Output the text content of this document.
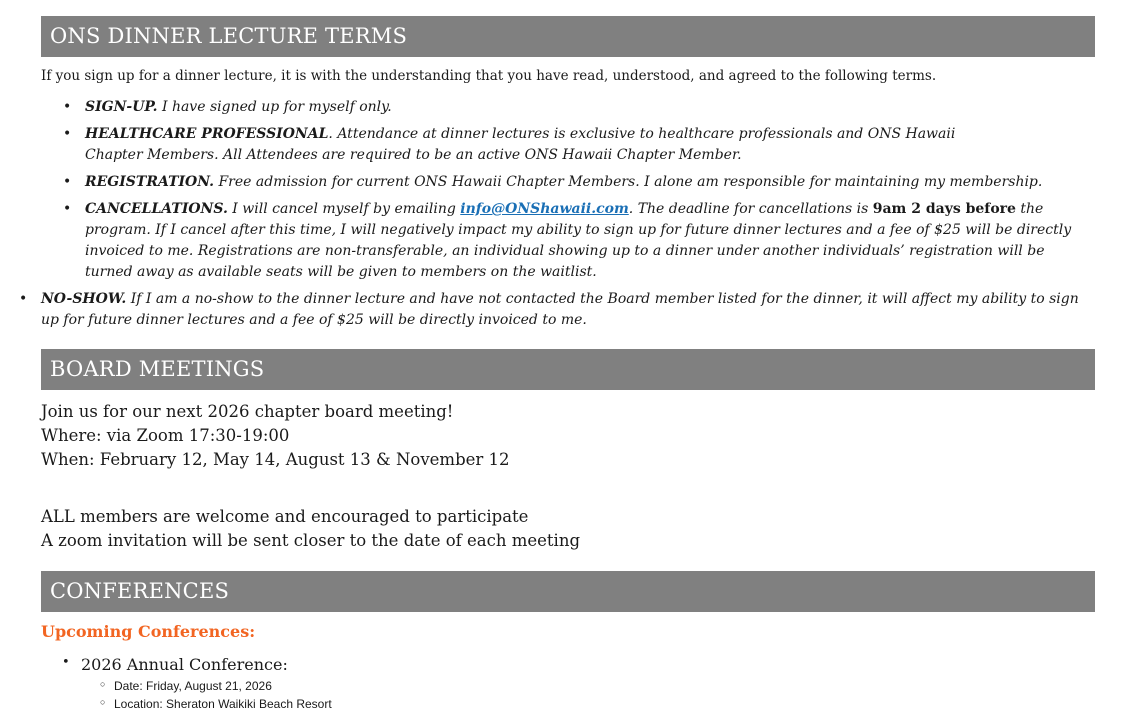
ONS DINNER LECTURE TERMS
If you sign up for a dinner lecture, it is with the understanding that you have read, understood, and agreed to the following terms.
• SIGN-UP. I have signed up for myself only.
• HEALTHCARE PROFESSIONAL. Attendance at dinner lectures is exclusive to healthcare professionals and ONS Hawaii Chapter Members. All Attendees are required to be an active ONS Hawaii Chapter Member.
• REGISTRATION. Free admission for current ONS Hawaii Chapter Members. I alone am responsible for maintaining my membership.
• CANCELLATIONS. I will cancel myself by emailing info@ONShawaii.com. The deadline for cancellations is 9am 2 days before the program. If I cancel after this time, I will negatively impact my ability to sign up for future dinner lectures and a fee of $25 will be directly invoiced to me. Registrations are non-transferable, an individual showing up to a dinner under another individuals’ registration will be turned away as available seats will be given to members on the waitlist.
• NO-SHOW. If I am a no-show to the dinner lecture and have not contacted the Board member listed for the dinner, it will affect my ability to sign up for future dinner lectures and a fee of $25 will be directly invoiced to me.
BOARD MEETINGS
Join us for our next 2026 chapter board meeting!
Where: via Zoom 17:30-19:00
When: February 12, May 14, August 13 & November 12
ALL members are welcome and encouraged to participate
A zoom invitation will be sent closer to the date of each meeting
CONFERENCES
Upcoming Conferences:
• 2026 Annual Conference:
○ Date: Friday, August 21, 2026
○ Location: Sheraton Waikiki Beach Resort
